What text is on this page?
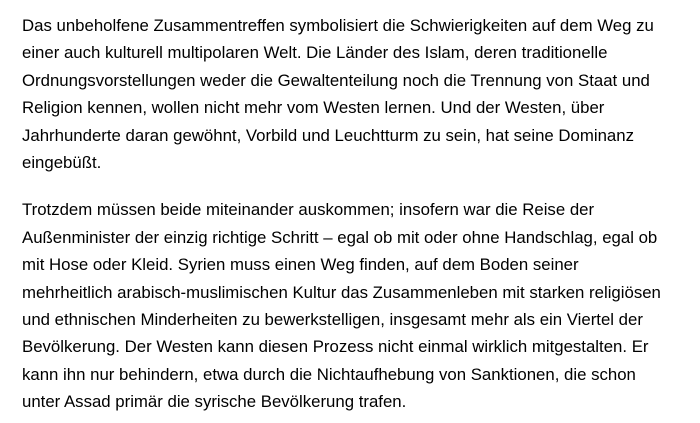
Das unbeholfene Zusammentreffen symbolisiert die Schwierigkeiten auf dem Weg zu
einer auch kulturell multipolaren Welt. Die Länder des Islam, deren traditionelle
Ordnungsvorstellungen weder die Gewaltenteilung noch die Trennung von Staat und
Religion kennen, wollen nicht mehr vom Westen lernen. Und der Westen, über
Jahrhunderte daran gewöhnt, Vorbild und Leuchtturm zu sein, hat seine Dominanz
eingebüßt.

Trotzdem müssen beide miteinander auskommen; insofern war die Reise der
Außenminister der einzig richtige Schritt – egal ob mit oder ohne Handschlag, egal ob
mit Hose oder Kleid. Syrien muss einen Weg finden, auf dem Boden seiner
mehrheitlich arabisch-muslimischen Kultur das Zusammenleben mit starken religiösen
und ethnischen Minderheiten zu bewerkstelligen, insgesamt mehr als ein Viertel der
Bevölkerung. Der Westen kann diesen Prozess nicht einmal wirklich mitgestalten. Er
kann ihn nur behindern, etwa durch die Nichtaufhebung von Sanktionen, die schon
unter Assad primär die syrische Bevölkerung trafen.
